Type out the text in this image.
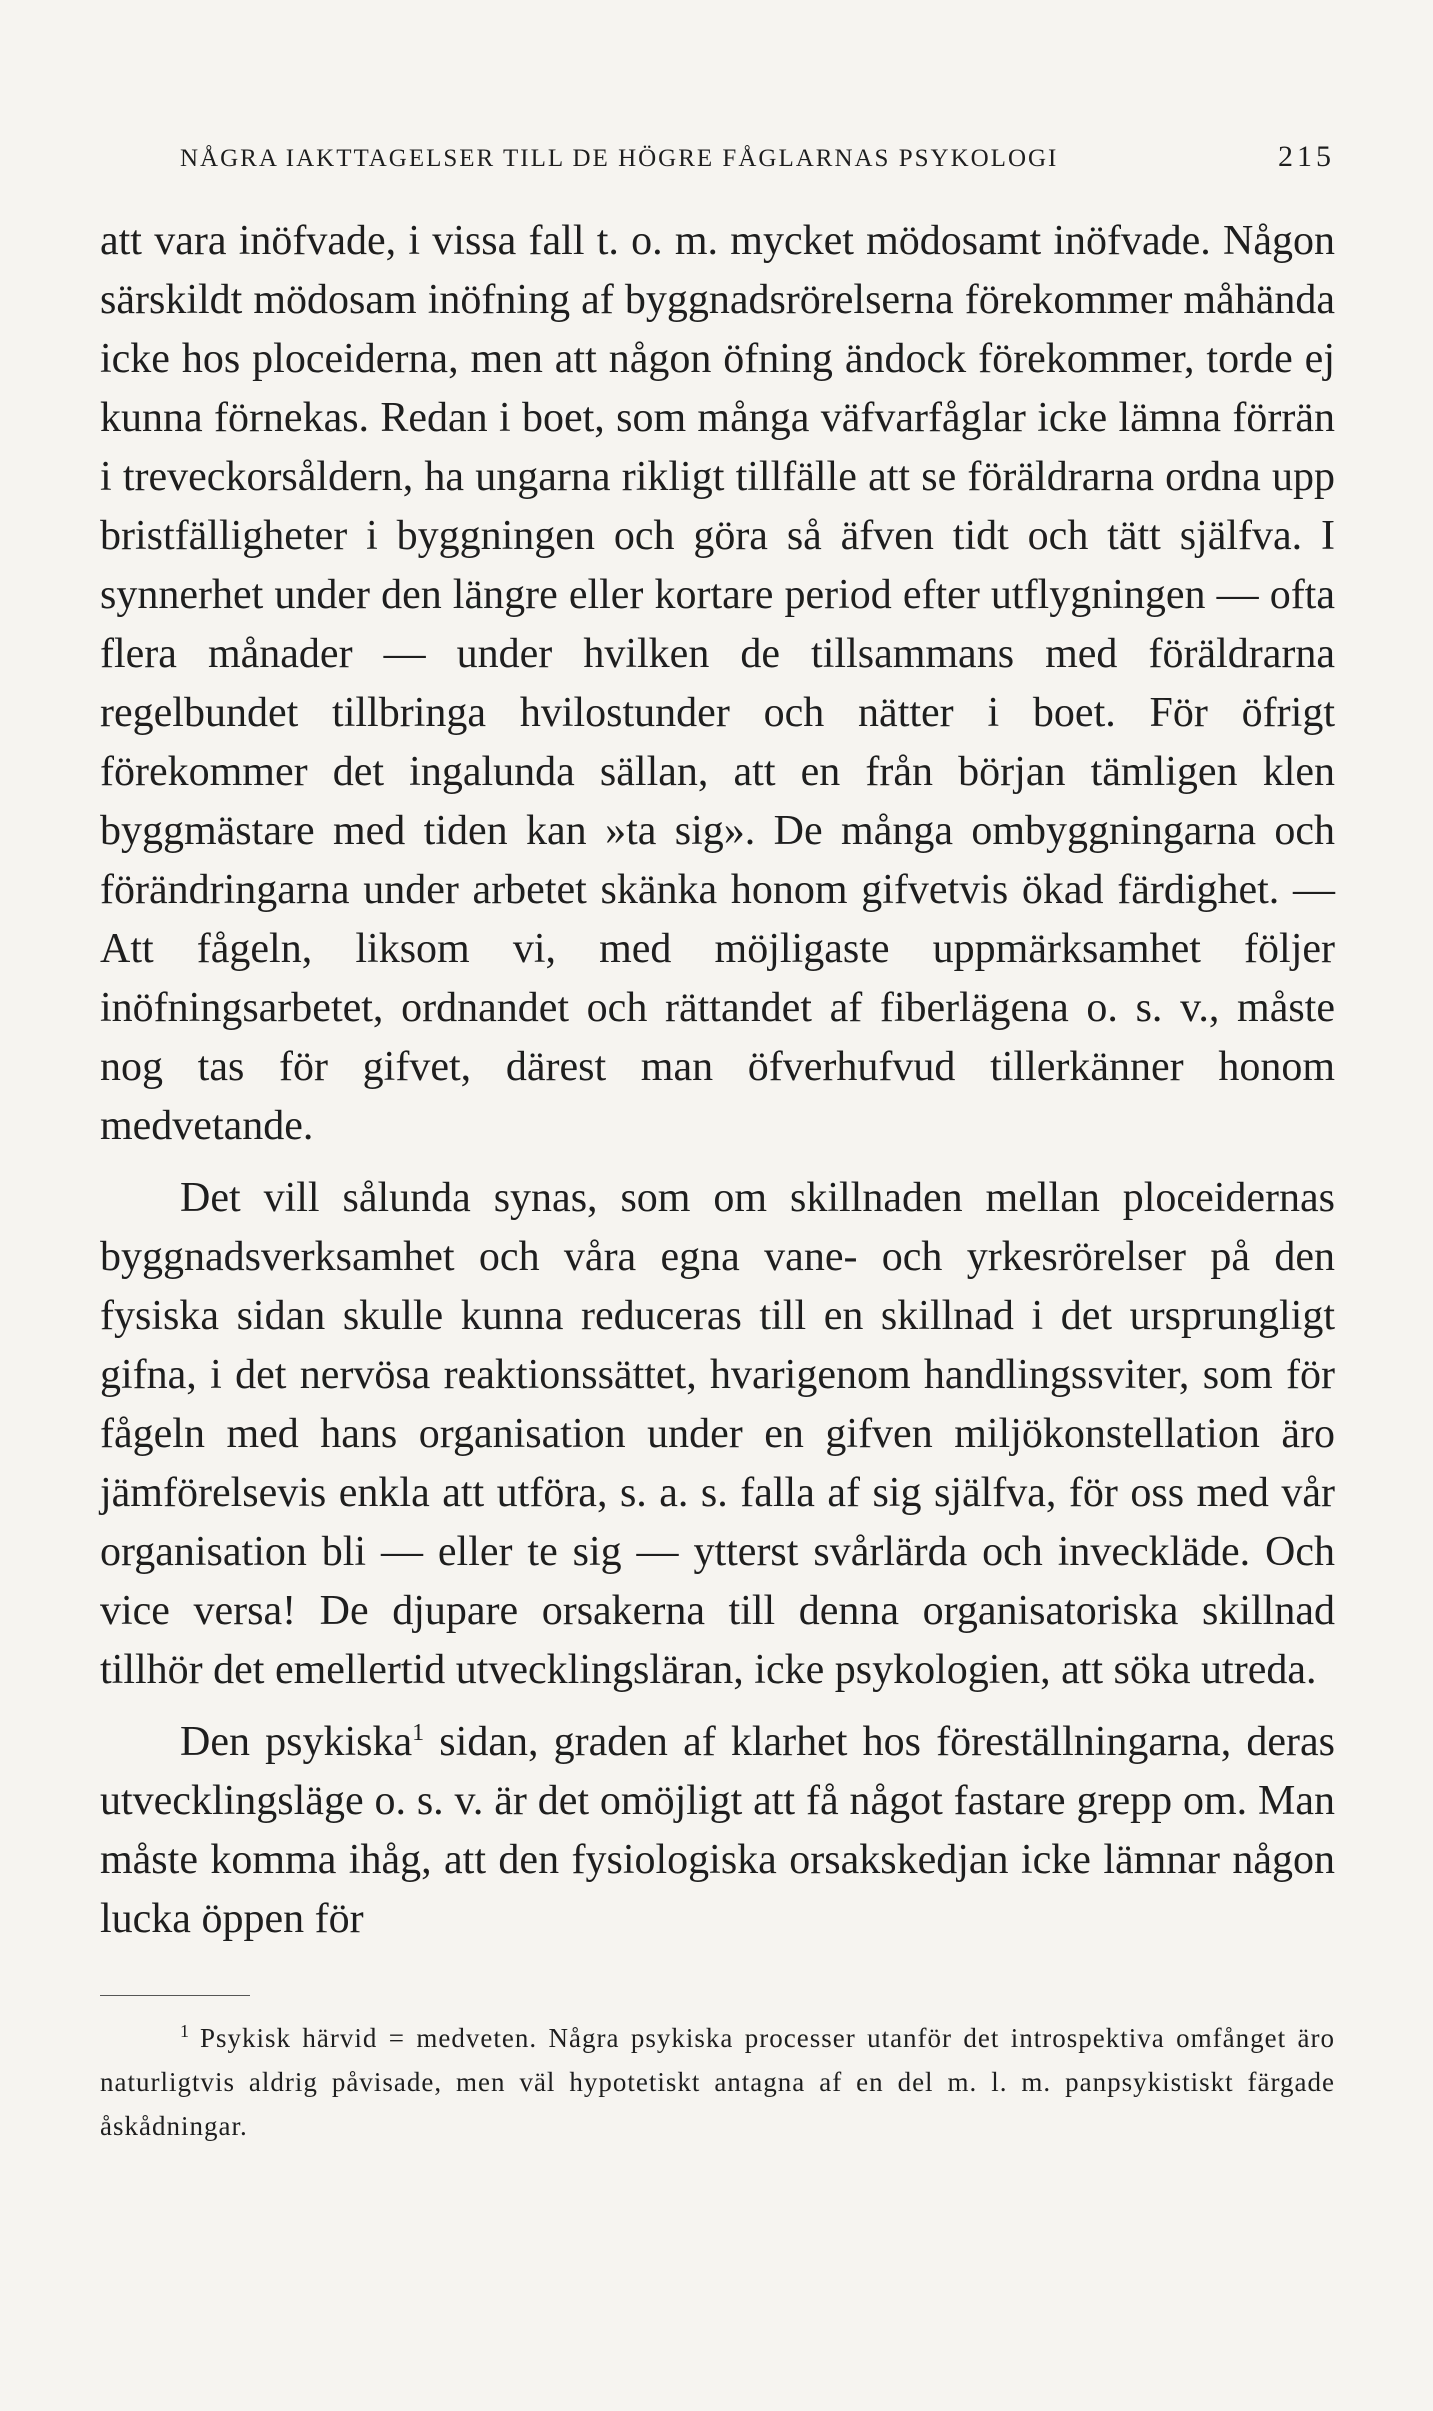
NÅGRA IAKTTAGELSER TILL DE HÖGRE FÅGLARNAS PSYKOLOGI	215

att vara inöfvade, i vissa fall t. o. m. mycket mödosamt inöfvade. Någon särskildt mödosam inöfning af byggnadsrörelserna förekommer måhända icke hos ploceiderna, men att någon öfning ändock förekommer, torde ej kunna förnekas. Redan i boet, som många väfvarfåglar icke lämna förrän i treveckorsåldern, ha ungarna rikligt tillfälle att se föräldrarna ordna upp bristfälligheter i byggningen och göra så äfven tidt och tätt själfva. I synnerhet under den längre eller kortare period efter utflygningen — ofta flera månader — under hvilken de tillsammans med föräldrarna regelbundet tillbringa hvilostunder och nätter i boet. För öfrigt förekommer det ingalunda sällan, att en från början tämligen klen byggmästare med tiden kan »ta sig». De många ombyggningarna och förändringarna under arbetet skänka honom gifvetvis ökad färdighet. — Att fågeln, liksom vi, med möjligaste uppmärksamhet följer inöfningsarbetet, ordnandet och rättandet af fiberlägena o. s. v., måste nog tas för gifvet, därest man öfverhufvud tillerkänner honom medvetande.

Det vill sålunda synas, som om skillnaden mellan ploceidernas byggnadsverksamhet och våra egna vane- och yrkesrörelser på den fysiska sidan skulle kunna reduceras till en skillnad i det ursprungligt gifna, i det nervösa reaktionssättet, hvarigenom handlingssviter, som för fågeln med hans organisation under en gifven miljökonstellation äro jämförelsevis enkla att utföra, s. a. s. falla af sig själfva, för oss med vår organisation bli — eller te sig — ytterst svårlärda och inveckläde. Och vice versa! De djupare orsakerna till denna organisatoriska skillnad tillhör det emellertid utvecklingsläran, icke psykologien, att söka utreda.

Den psykiska$^1$ sidan, graden af klarhet hos föreställningarna, deras utvecklingsläge o. s. v. är det omöjligt att få något fastare grepp om. Man måste komma ihåg, att den fysiologiska orsakskedjan icke lämnar någon lucka öppen för

$^1$ Psykisk härvid = medveten. Några psykiska processer utanför det introspektiva omfånget äro naturligtvis aldrig påvisade, men väl hypotetiskt antagna af en del m. l. m. panpsykistiskt färgade åskådningar.
